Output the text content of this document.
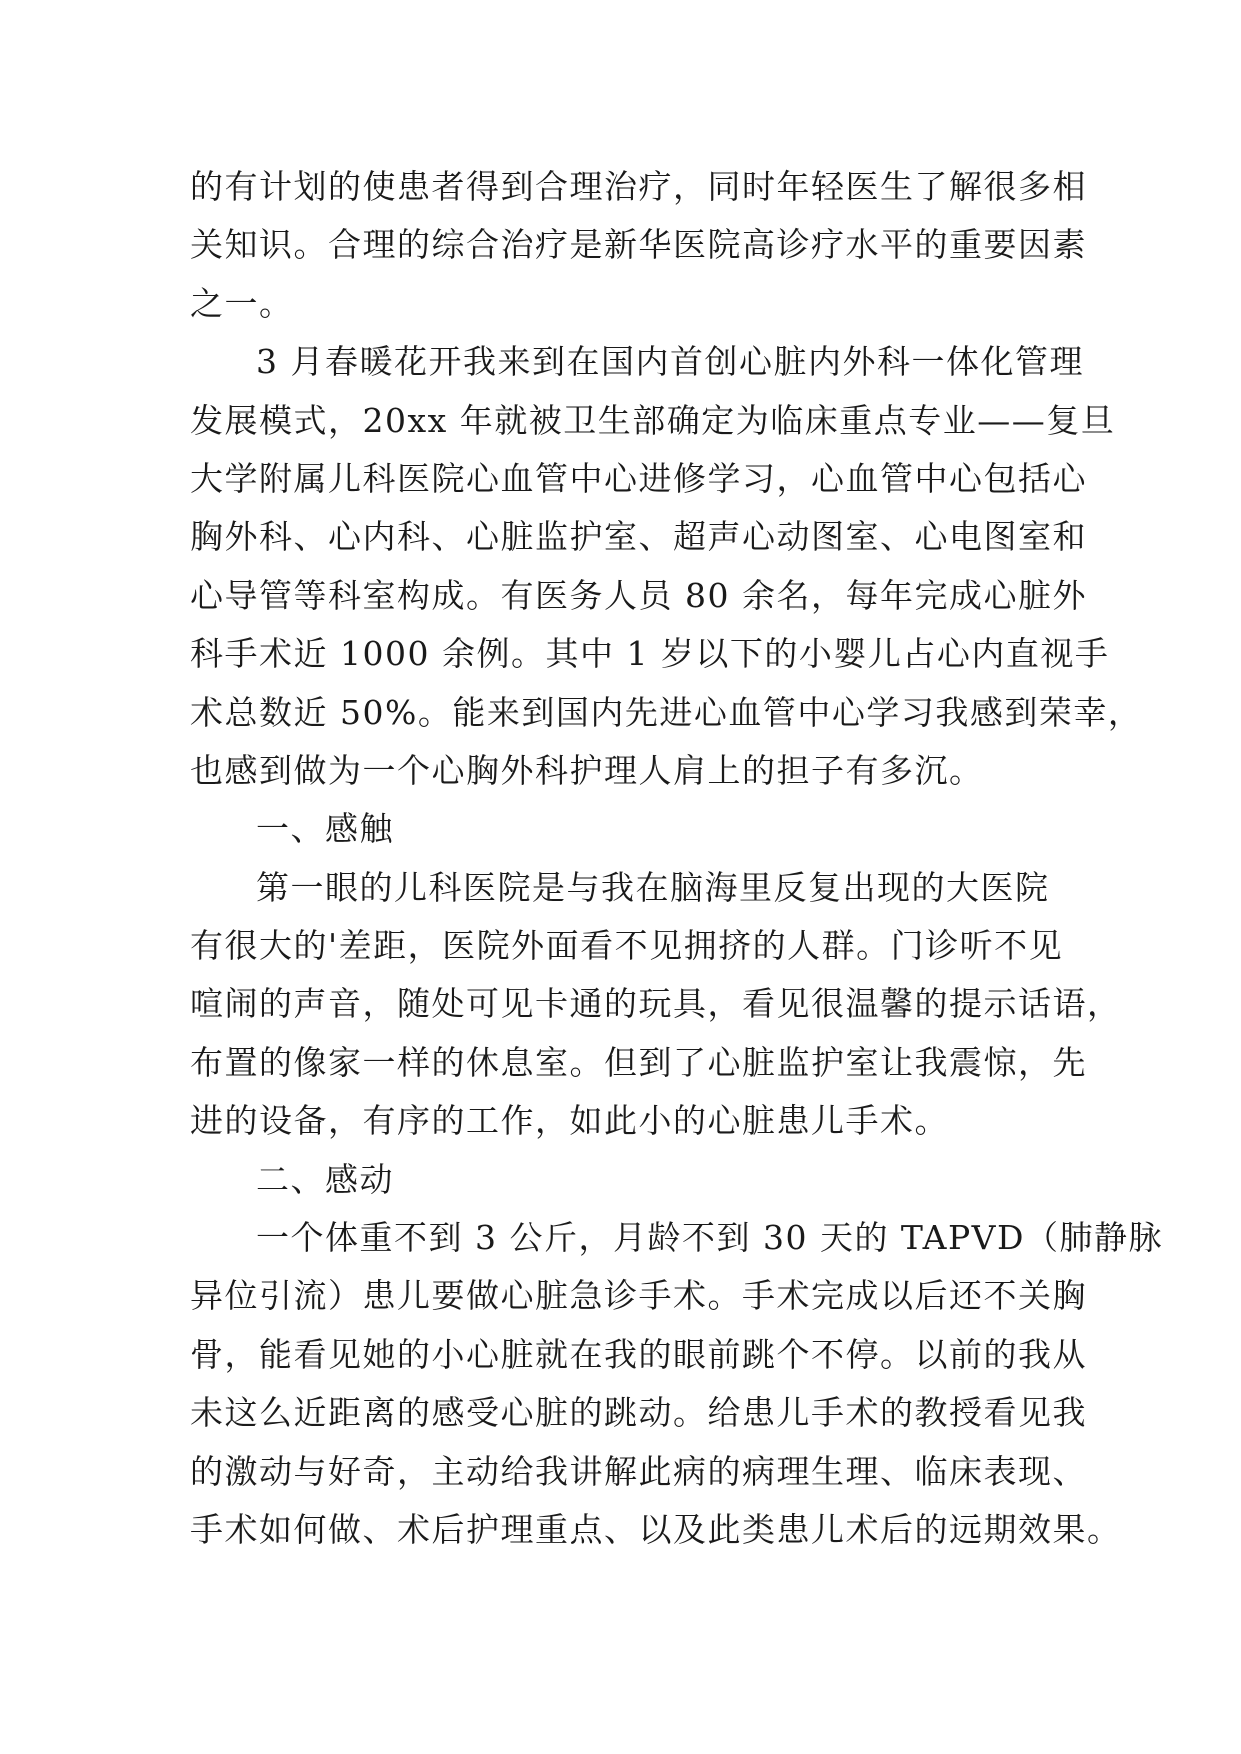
的有计划的使患者得到合理治疗，同时年轻医生了解很多相
关知识。合理的综合治疗是新华医院高诊疗水平的重要因素
之一。
3 月春暖花开我来到在国内首创心脏内外科一体化管理
发展模式，20xx 年就被卫生部确定为临床重点专业——复旦
大学附属儿科医院心血管中心进修学习，心血管中心包括心
胸外科、心内科、心脏监护室、超声心动图室、心电图室和
心导管等科室构成。有医务人员 80 余名，每年完成心脏外
科手术近 1000 余例。其中 1 岁以下的小婴儿占心内直视手
术总数近 50%。能来到国内先进心血管中心学习我感到荣幸，
也感到做为一个心胸外科护理人肩上的担子有多沉。
一、感触
第一眼的儿科医院是与我在脑海里反复出现的大医院
有很大的'差距，医院外面看不见拥挤的人群。门诊听不见
喧闹的声音，随处可见卡通的玩具，看见很温馨的提示话语，
布置的像家一样的休息室。但到了心脏监护室让我震惊，先
进的设备，有序的工作，如此小的心脏患儿手术。
二、感动
一个体重不到 3 公斤，月龄不到 30 天的 TAPVD（肺静脉
异位引流）患儿要做心脏急诊手术。手术完成以后还不关胸
骨，能看见她的小心脏就在我的眼前跳个不停。以前的我从
未这么近距离的感受心脏的跳动。给患儿手术的教授看见我
的激动与好奇，主动给我讲解此病的病理生理、临床表现、
手术如何做、术后护理重点、以及此类患儿术后的远期效果。
